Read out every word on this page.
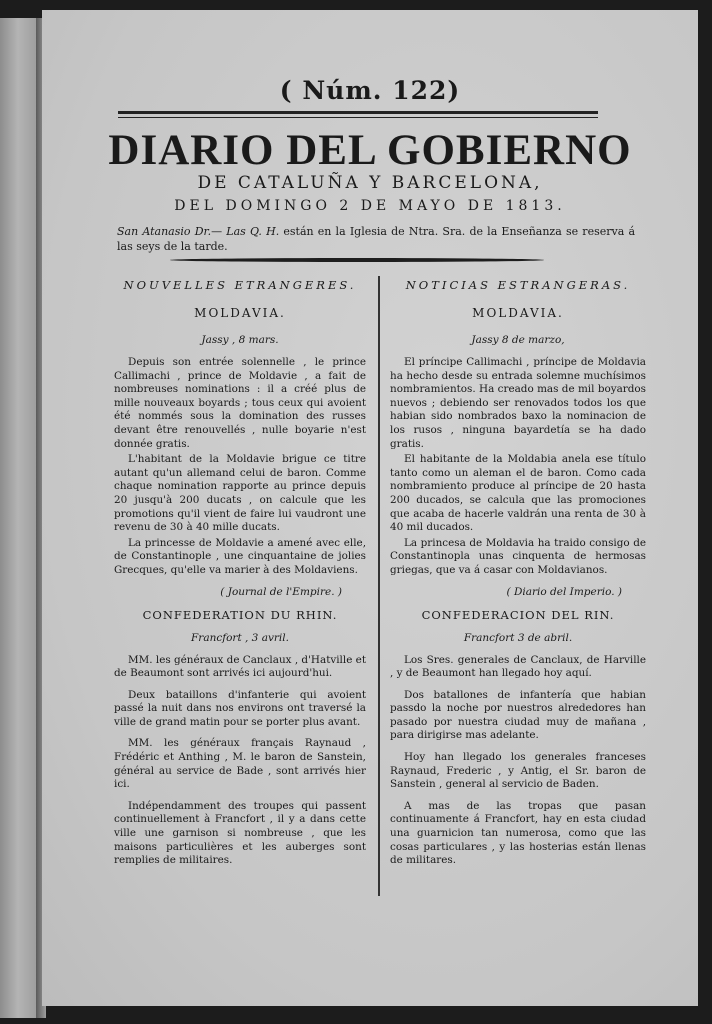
( Núm. 122)
DIARIO DEL GOBIERNO
DE CATALUÑA Y BARCELONA,
DEL DOMINGO 2 DE MAYO DE 1813.
San Atanasio Dr.— Las Q. H. están en la Iglesia de Ntra. Sra. de la Enseñanza se reserva á las seys de la tarde.
NOUVELLES ETRANGERES.
MOLDAVIA.
Jassy , 8 mars.

Depuis son entrée solennelle , le prince Callimachi , prince de Moldavie , a fait de nombreuses nominations : il a créé plus de mille nouveaux boyards ; tous ceux qui avoient été nommés sous la domination des russes devant être renouvellés , nulle boyarie n'est donnée gratis.

L'habitant de la Moldavie brigue ce titre autant qu'un allemand celui de baron. Comme chaque nomination rapporte au prince depuis 20 jusqu'à 200 ducats , on calcule que les promotions qu'il vient de faire lui vaudront une revenu de 30 à 40 mille ducats.

La princesse de Moldavie a amené avec elle, de Constantinople , une cinquantaine de jolies Grecques, qu'elle va marier à des Moldaviens.

( Journal de l'Empire. )
CONFEDERATION DU RHIN.
Francfort , 3 avril.

MM. les généraux de Canclaux , d'Hatville et de Beaumont sont arrivés ici aujourd'hui.

Deux bataillons d'infanterie qui avoient passé la nuit dans nos environs ont traversé la ville de grand matin pour se porter plus avant.

MM. les généraux français Raynaud , Frédéric et Anthing , M. le baron de Sanstein, général au service de Bade , sont arrivés hier ici.

Indépendamment des troupes qui passent continuellement à Francfort , il y a dans cette ville une garnison si nombreuse , que les maisons particulières et les auberges sont remplies de militaires.

NOTICIAS ESTRANGERAS.
MOLDAVIA.
Jassy 8 de marzo,

El príncipe Callimachi , príncipe de Moldavia ha hecho desde su entrada solemne muchísimos nombramientos. Ha creado mas de mil boyardos nuevos ; debiendo ser renovados todos los que habian sido nombrados baxo la nominacion de los rusos , ninguna bayardetía se ha dado gratis.

El habitante de la Moldabia anela ese título tanto como un aleman el de baron. Como cada nombramiento produce al príncipe de 20 hasta 200 ducados, se calcula que las promociones que acaba de hacerle valdrán una renta de 30 à 40 mil ducados.

La princesa de Moldavia ha traido consigo de Constantinopla unas cinquenta de hermosas griegas, que va á casar con Moldavianos.

( Diario del Imperio. )
CONFEDERACION DEL RIN.
Francfort 3 de abril.

Los Sres. generales de Canclaux, de Harville , y de Beaumont han llegado hoy aquí.

Dos batallones de infantería que habian passdo la noche por nuestros alrededores han pasado por nuestra ciudad muy de mañana , para dirigirse mas adelante.

Hoy han llegado los generales franceses Raynaud, Frederic , y Antig, el Sr. baron de Sanstein , general al servicio de Baden.

A mas de las tropas que pasan continuamente á Francfort, hay en esta ciudad una guarnicion tan numerosa, como que las cosas particulares , y las hosterias están llenas de militares.
